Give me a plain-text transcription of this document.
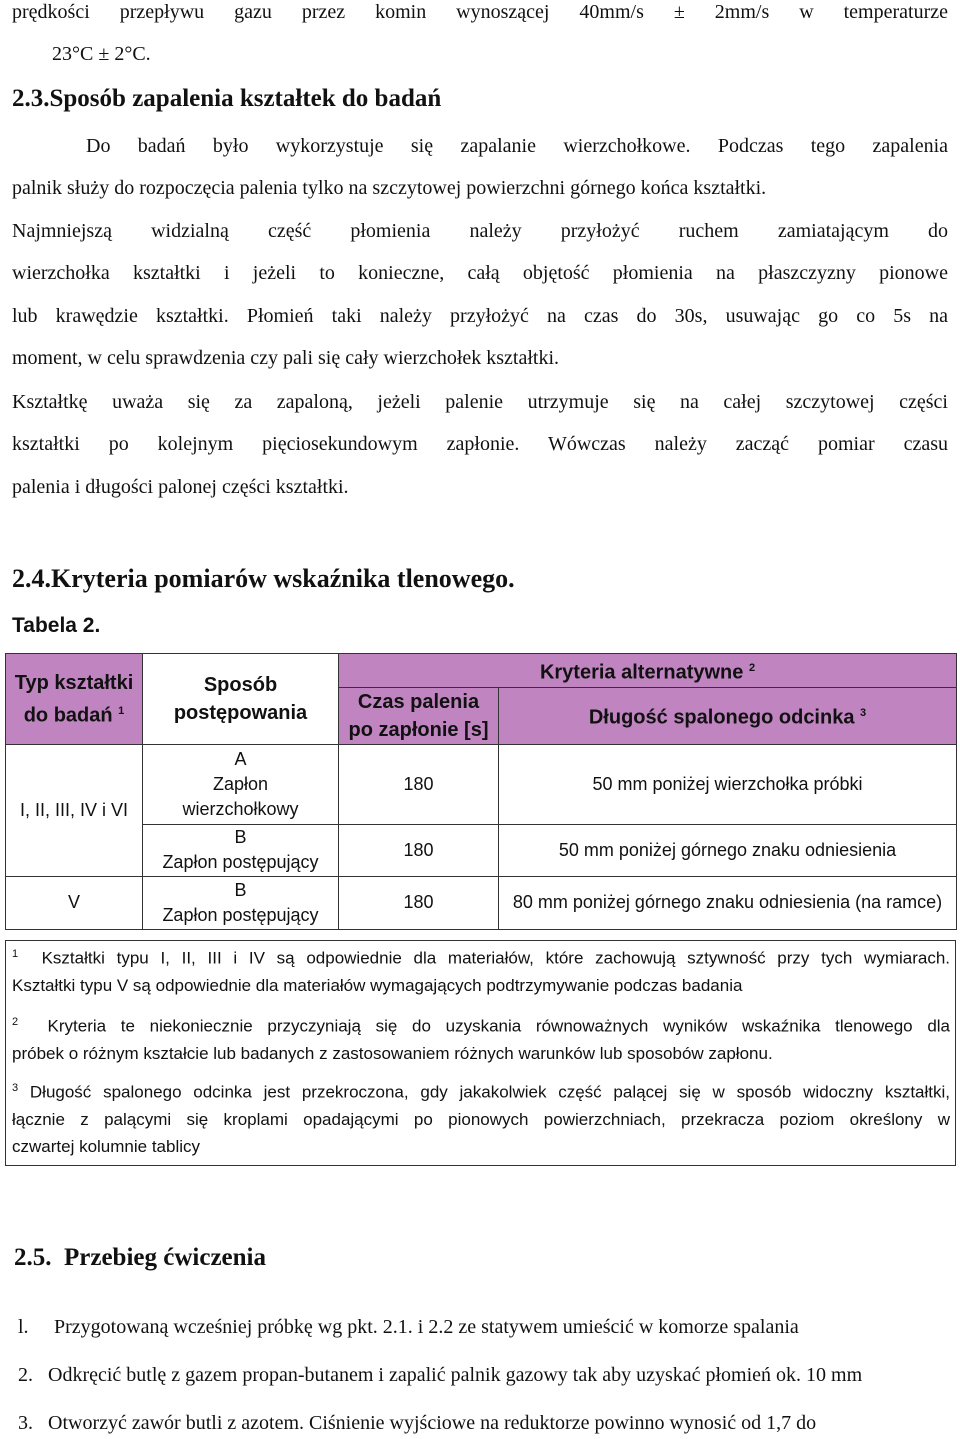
prędkości przepływu gazu przez komin wynoszącej 40mm/s ± 2mm/s w temperaturze
23°C ± 2°C.
2.3.Sposób zapalenia kształtek do badań
Do badań było wykorzystuje się zapalanie wierzchołkowe. Podczas tego zapalenia
palnik służy do rozpoczęcia palenia tylko na szczytowej powierzchni górnego końca kształtki.
Najmniejszą widzialną część płomienia należy przyłożyć ruchem zamiatającym do
wierzchołka kształtki i jeżeli to konieczne, całą objętość płomienia na płaszczyzny pionowe
lub krawędzie kształtki. Płomień taki należy przyłożyć na czas do 30s, usuwając go co 5s na
moment, w celu sprawdzenia czy pali się cały wierzchołek kształtki.
Kształtkę uważa się za zapaloną, jeżeli palenie utrzymuje się na całej szczytowej części
kształtki po kolejnym pięciosekundowym zapłonie. Wówczas należy zacząć pomiar czasu
palenia i długości palonej części kształtki.
2.4.Kryteria pomiarów wskaźnika tlenowego.
Tabela 2.
Typ kształtki
do badań $^1$	Sposób
postępowania	Kryteria alternatywne $^2$
		Czas palenia
po zapłonie [s]	Długość spalonego odcinka $^3$
I, II, III, IV i VI	A
Zapłon
wierzchołkowy	180	50 mm poniżej wierzchołka próbki
	B
Zapłon postępujący	180	50 mm poniżej górnego znaku odniesienia
V	B
Zapłon postępujący	180	80 mm poniżej górnego znaku odniesienia (na ramce)
$^1$ Kształtki typu I, II, III i IV są odpowiednie dla materiałów, które zachowują sztywność przy tych wymiarach.
Kształtki typu V są odpowiednie dla materiałów wymagających podtrzymywanie podczas badania
$^2$ Kryteria te niekoniecznie przyczyniają się do uzyskania równoważnych wyników wskaźnika tlenowego dla
próbek o różnym kształcie lub badanych z zastosowaniem różnych warunków lub sposobów zapłonu.
$^3$ Długość spalonego odcinka jest przekroczona, gdy jakakolwiek część palącej się w sposób widoczny kształtki,
łącznie z palącymi się kroplami opadającymi po pionowych powierzchniach, przekracza poziom określony w
czwartej kolumnie tablicy
2.5.  Przebieg ćwiczenia
l. Przygotowaną wcześniej próbkę wg pkt. 2.1. i 2.2 ze statywem umieścić w komorze spalania
2. Odkręcić butlę z gazem propan-butanem i zapalić palnik gazowy tak aby uzyskać płomień ok. 10 mm
3. Otworzyć zawór butli z azotem. Ciśnienie wyjściowe na reduktorze powinno wynosić od 1,7 do
